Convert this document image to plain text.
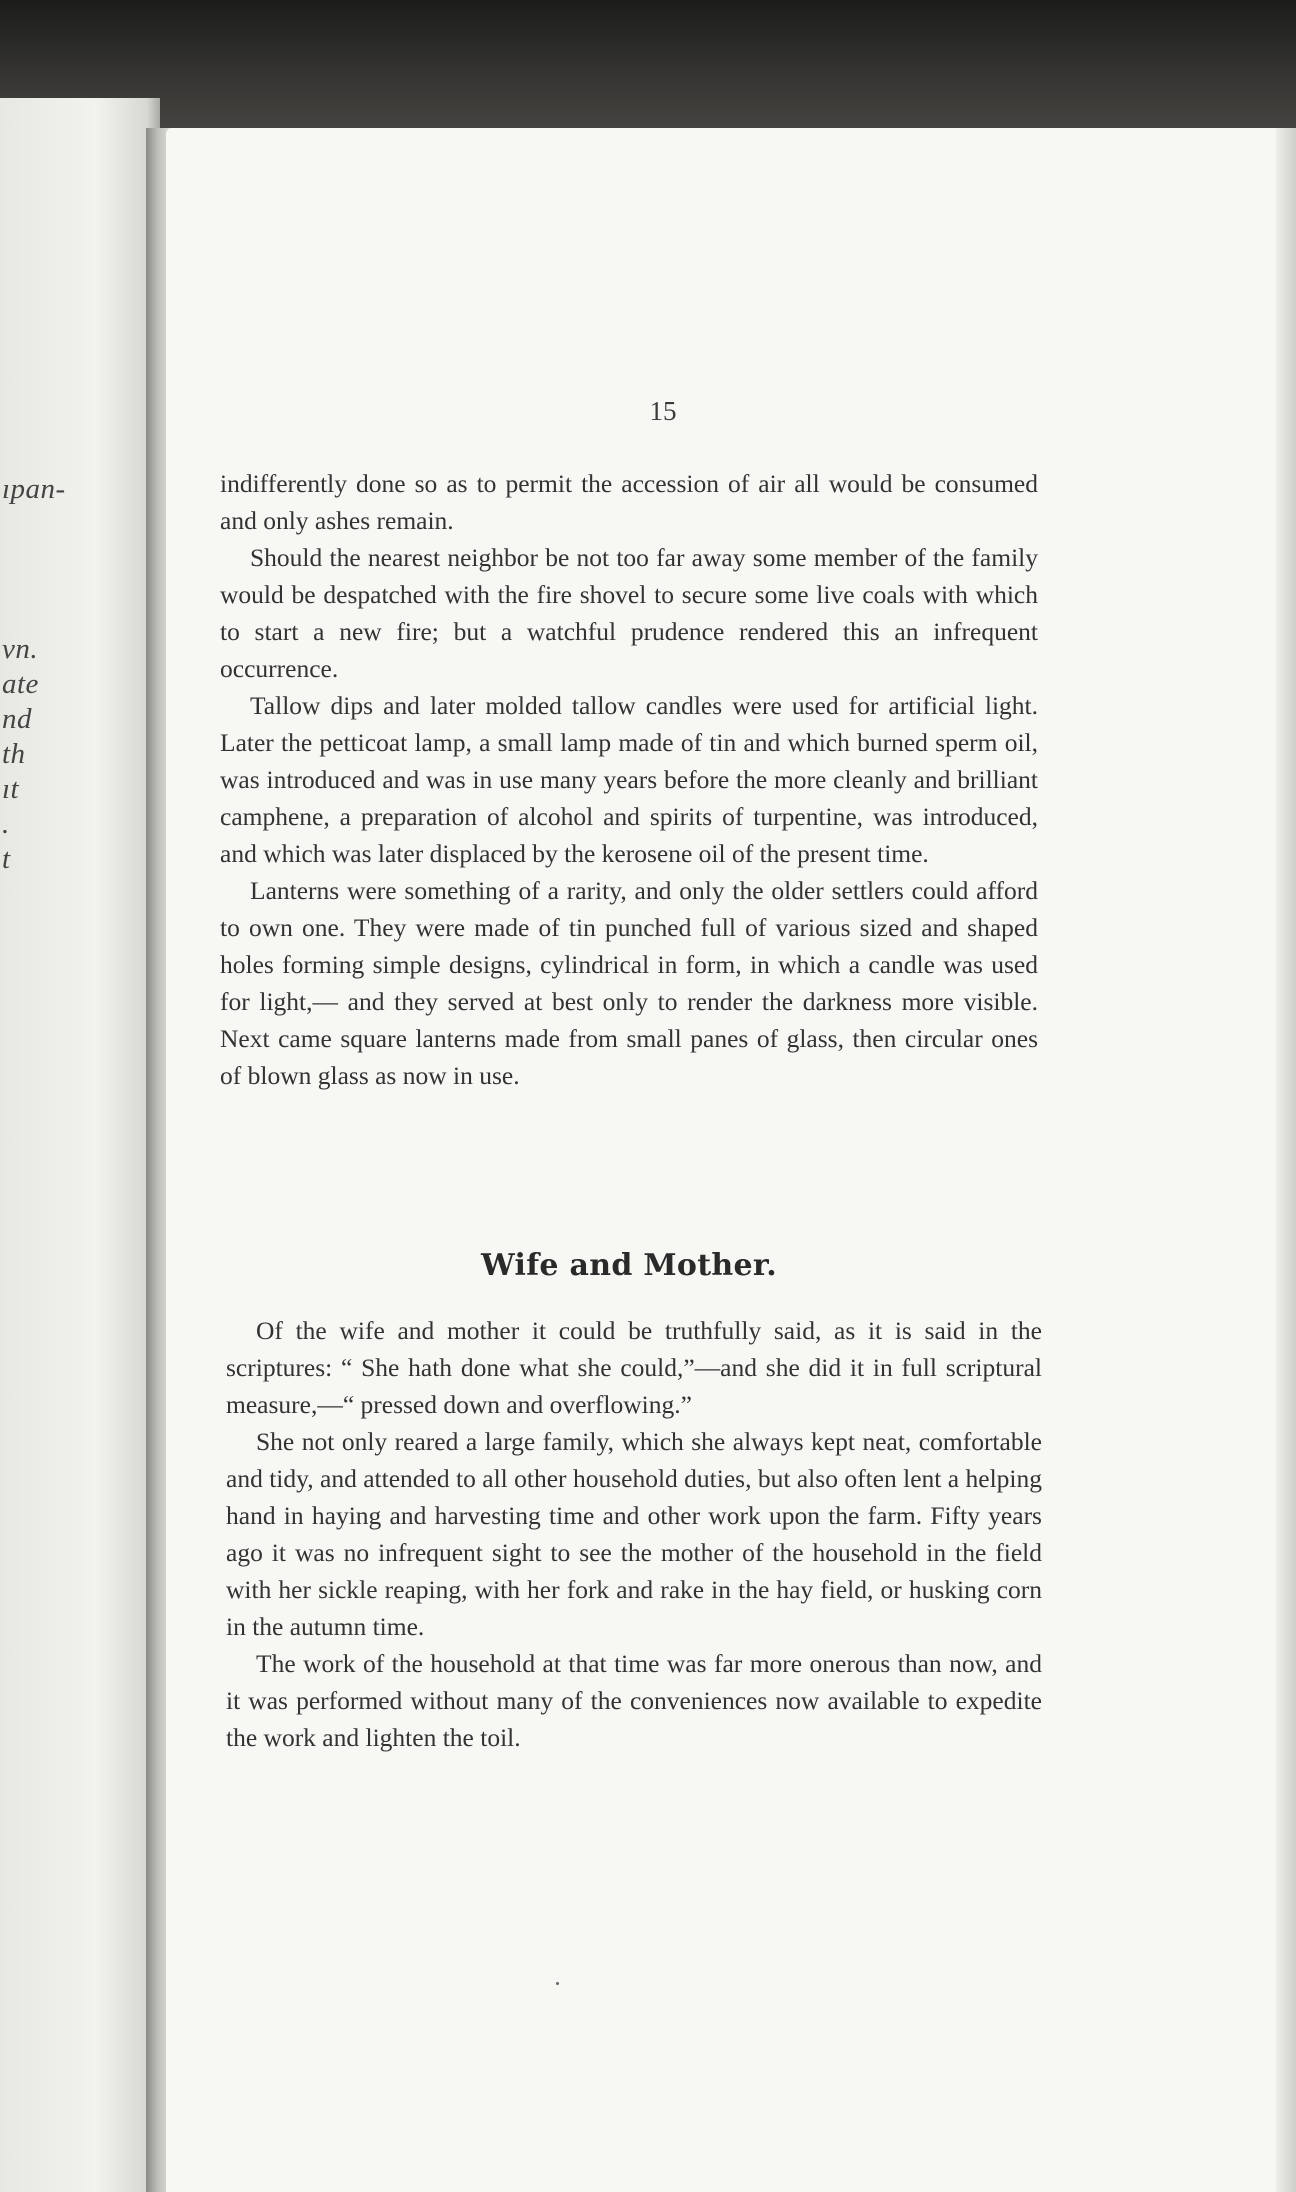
ıpan-
vn.
ate
nd
th
ıt
.
t
15

indifferently done so as to permit the accession of air all would be consumed and only ashes remain.

Should the nearest neighbor be not too far away some member of the family would be despatched with the fire shovel to secure some live coals with which to start a new fire; but a watchful prudence rendered this an infrequent occurrence.

Tallow dips and later molded tallow candles were used for artificial light. Later the petticoat lamp, a small lamp made of tin and which burned sperm oil, was introduced and was in use many years before the more cleanly and brilliant camphene, a preparation of alcohol and spirits of turpentine, was introduced, and which was later displaced by the kerosene oil of the present time.

Lanterns were something of a rarity, and only the older settlers could afford to own one. They were made of tin punched full of various sized and shaped holes forming simple designs, cylindrical in form, in which a candle was used for light,— and they served at best only to render the darkness more visible. Next came square lanterns made from small panes of glass, then circular ones of blown glass as now in use.

Wife and Mother.

Of the wife and mother it could be truthfully said, as it is said in the scriptures: “ She hath done what she could,”—and she did it in full scriptural measure,—“ pressed down and overflowing.”

She not only reared a large family, which she always kept neat, comfortable and tidy, and attended to all other household duties, but also often lent a helping hand in haying and harvesting time and other work upon the farm. Fifty years ago it was no infrequent sight to see the mother of the household in the field with her sickle reaping, with her fork and rake in the hay field, or husking corn in the autumn time.

The work of the household at that time was far more onerous than now, and it was performed without many of the conveniences now available to expedite the work and lighten the toil.
